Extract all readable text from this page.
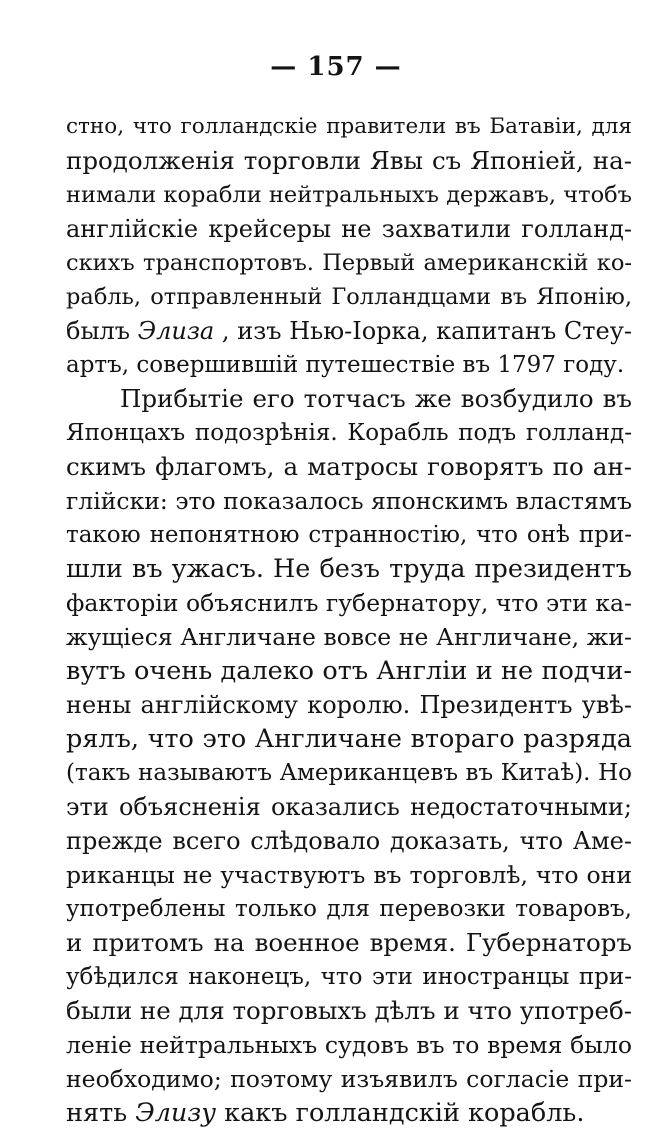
— 157 —
стно, что голландскіе правители въ Батавіи, для
продолженія торговли Явы съ Японіей, на-
нимали корабли нейтральныхъ державъ, чтобъ
англійскіе крейсеры не захватили голланд-
скихъ транспортовъ. Первый американскій ко-
рабль, отправленный Голландцами въ Японію,
былъ Элиза , изъ Нью-Іорка, капитанъ Стеу-
артъ, совершившій путешествіе въ 1797 году.
Прибытіе его тотчасъ же возбудило въ
Японцахъ подозрѣнія. Корабль подъ голланд-
скимъ флагомъ, а матросы говорятъ по ан-
глійски: это показалось японскимъ властямъ
такою непонятною странностію, что онѣ при-
шли въ ужасъ. Не безъ труда президентъ
факторіи объяснилъ губернатору, что эти ка-
жущіеся Англичане вовсе не Англичане, жи-
вутъ очень далеко отъ Англіи и не подчи-
нены англійскому королю. Президентъ увѣ-
рялъ, что это Англичане втораго разряда
(такъ называютъ Американцевъ въ Китаѣ). Но
эти объясненія оказались недостаточными;
прежде всего слѣдовало доказать, что Аме-
риканцы не участвуютъ въ торговлѣ, что они
употреблены только для перевозки товаровъ,
и притомъ на военное время. Губернаторъ
убѣдился наконецъ, что эти иностранцы при-
были не для торговыхъ дѣлъ и что употреб-
леніе нейтральныхъ судовъ въ то время было
необходимо; поэтому изъявилъ согласіе при-
нять Элизу какъ голландскій корабль.
